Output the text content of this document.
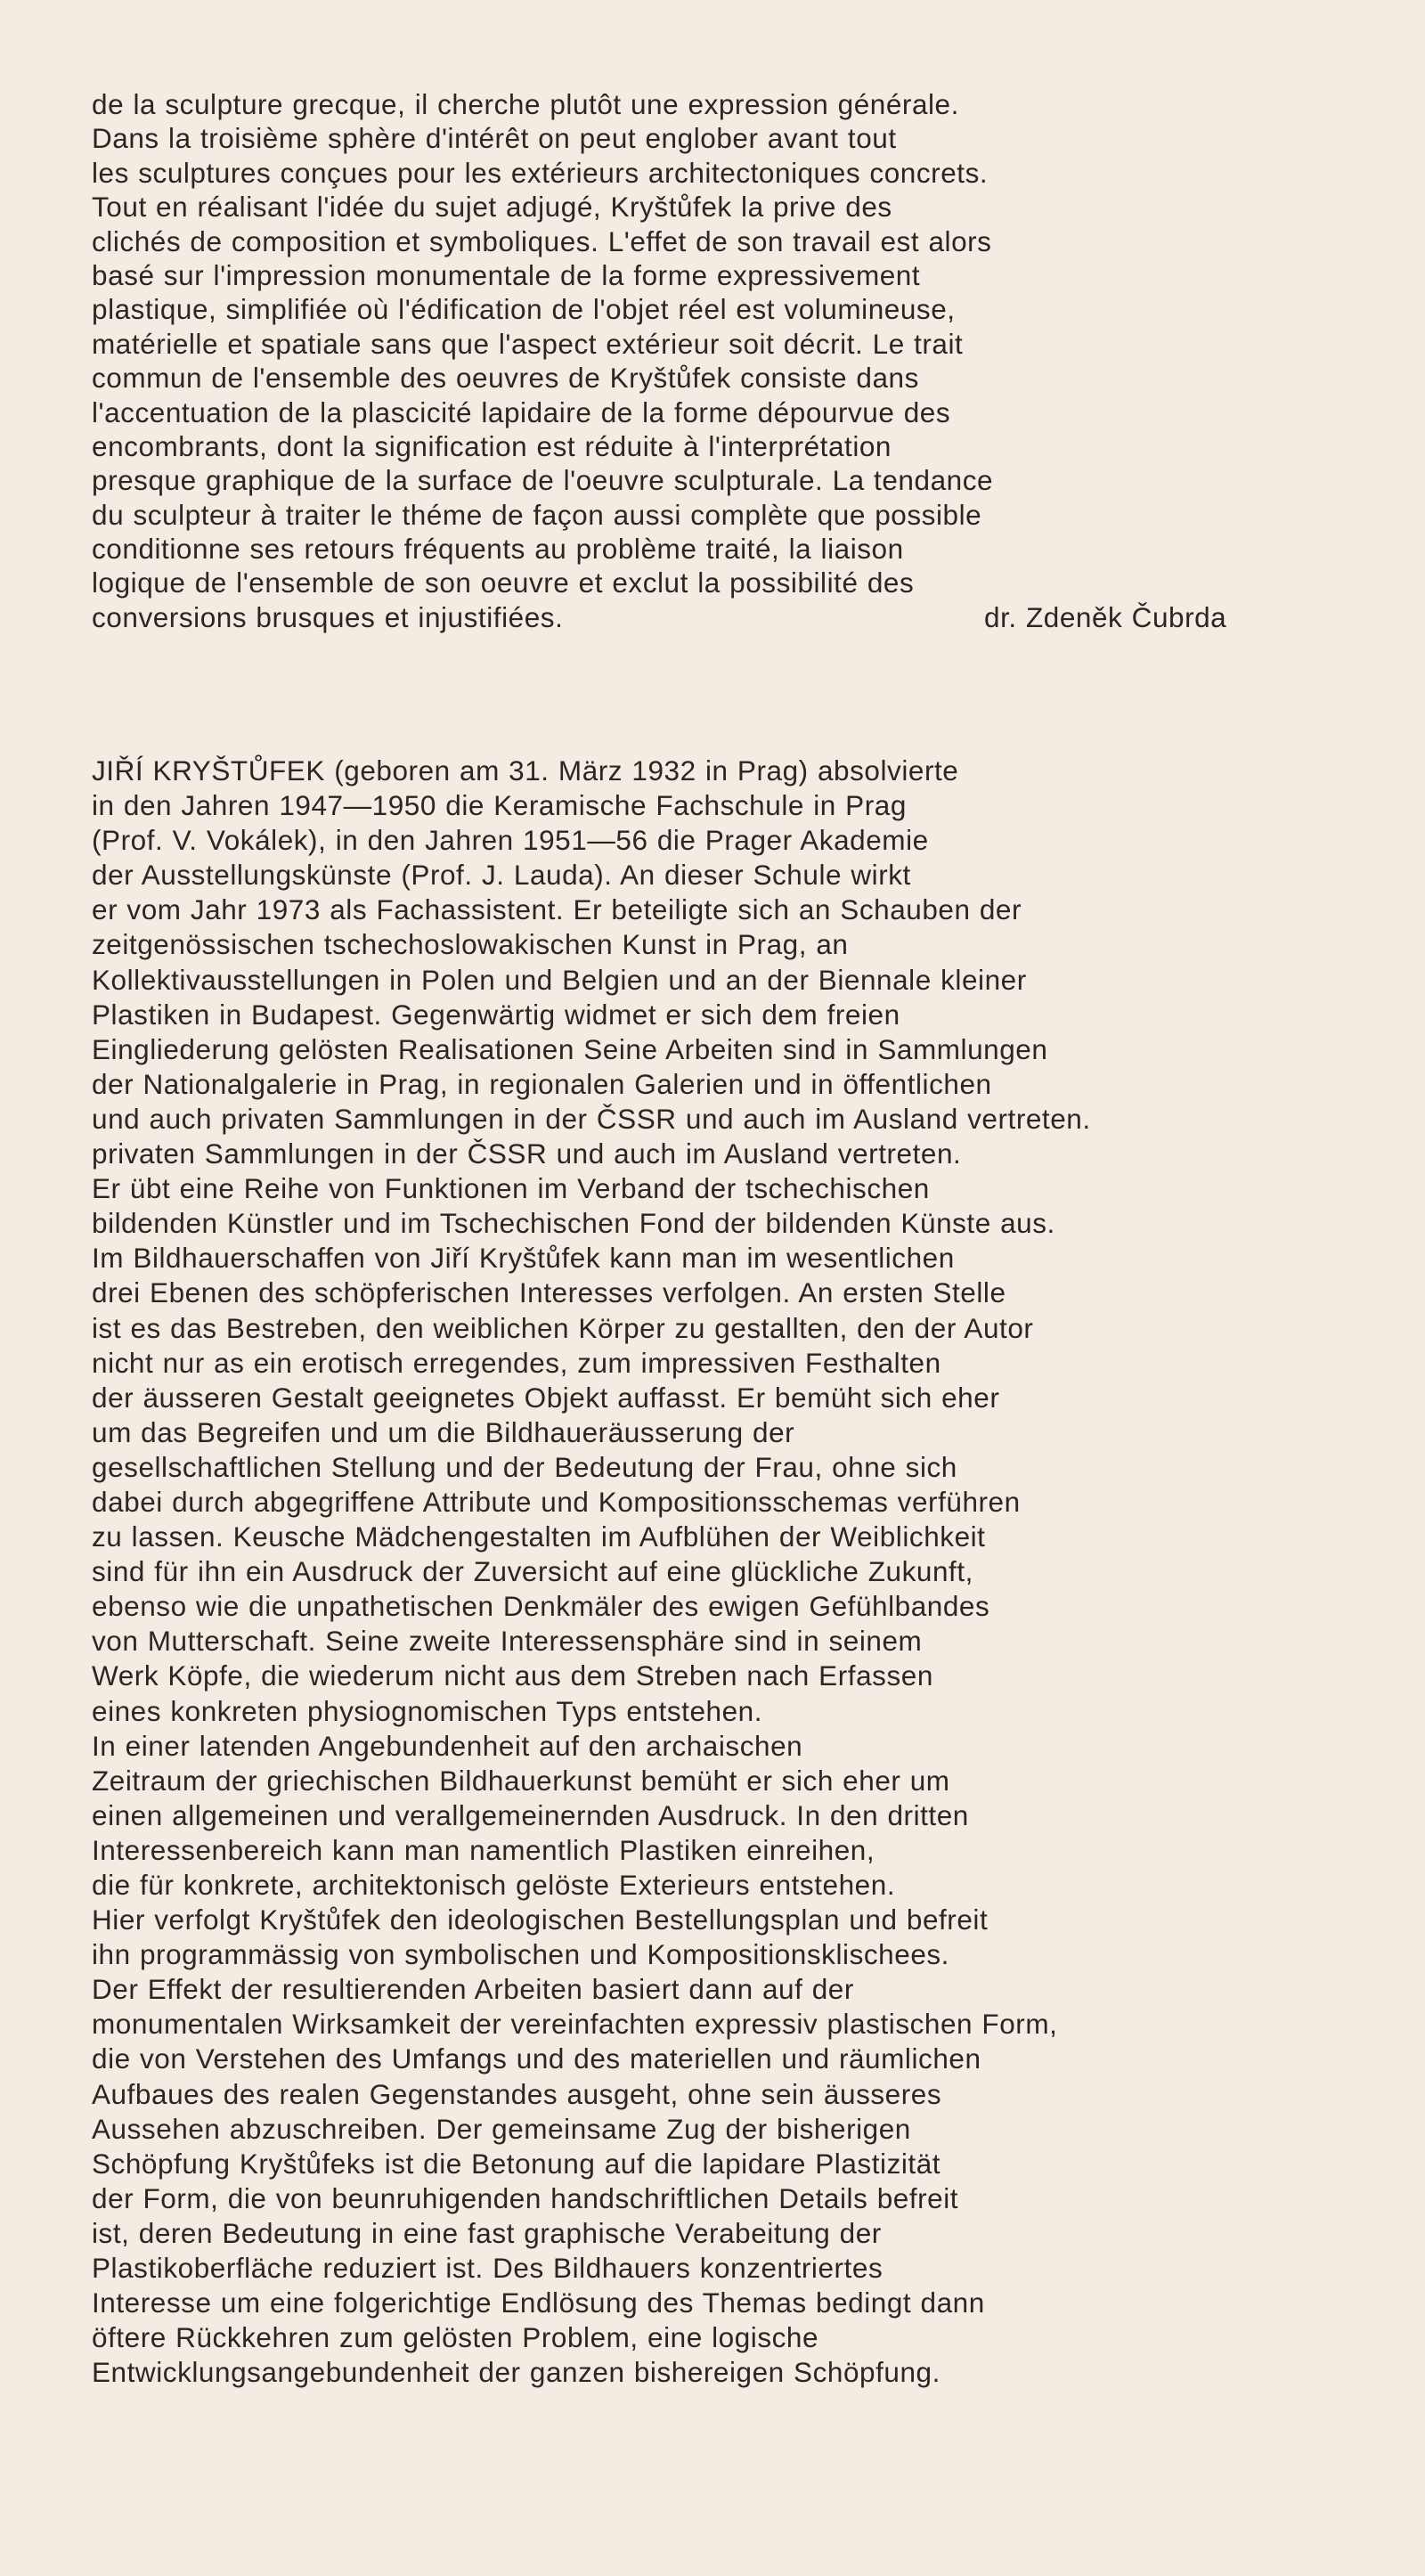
de la sculpture grecque, il cherche plutôt une expression générale.
Dans la troisième sphère d'intérêt on peut englober avant tout
les sculptures conçues pour les extérieurs architectoniques concrets.
Tout en réalisant l'idée du sujet adjugé, Kryštůfek la prive des
clichés de composition et symboliques. L'effet de son travail est alors
basé sur l'impression monumentale de la forme expressivement
plastique, simplifiée où l'édification de l'objet réel est volumineuse,
matérielle et spatiale sans que l'aspect extérieur soit décrit. Le trait
commun de l'ensemble des oeuvres de Kryštůfek consiste dans
l'accentuation de la plascicité lapidaire de la forme dépourvue des
encombrants, dont la signification est réduite à l'interprétation
presque graphique de la surface de l'oeuvre sculpturale. La tendance
du sculpteur à traiter le théme de façon aussi complète que possible
conditionne ses retours fréquents au problème traité, la liaison
logique de l'ensemble de son oeuvre et exclut la possibilité des
conversions brusques et injustifiées.	dr. Zdeněk Čubrda
JIŘÍ KRYŠTŮFEK (geboren am 31. März 1932 in Prag) absolvierte
in den Jahren 1947—1950 die Keramische Fachschule in Prag
(Prof. V. Vokálek), in den Jahren 1951—56 die Prager Akademie
der Ausstellungskünste (Prof. J. Lauda). An dieser Schule wirkt
er vom Jahr 1973 als Fachassistent. Er beteiligte sich an Schauben der
zeitgenössischen tschechoslowakischen Kunst in Prag, an
Kollektivausstellungen in Polen und Belgien und an der Biennale kleiner
Plastiken in Budapest. Gegenwärtig widmet er sich dem freien
Eingliederung gelösten Realisationen Seine Arbeiten sind in Sammlungen
der Nationalgalerie in Prag, in regionalen Galerien und in öffentlichen
und auch privaten Sammlungen in der ČSSR und auch im Ausland vertreten.
privaten Sammlungen in der ČSSR und auch im Ausland vertreten.
Er übt eine Reihe von Funktionen im Verband der tschechischen
bildenden Künstler und im Tschechischen Fond der bildenden Künste aus.
Im Bildhauerschaffen von Jiří Kryštůfek kann man im wesentlichen
drei Ebenen des schöpferischen Interesses verfolgen. An ersten Stelle
ist es das Bestreben, den weiblichen Körper zu gestallten, den der Autor
nicht nur as ein erotisch erregendes, zum impressiven Festhalten
der äusseren Gestalt geeignetes Objekt auffasst. Er bemüht sich eher
um das Begreifen und um die Bildhaueräusserung der
gesellschaftlichen Stellung und der Bedeutung der Frau, ohne sich
dabei durch abgegriffene Attribute und Kompositionsschemas verführen
zu lassen. Keusche Mädchengestalten im Aufblühen der Weiblichkeit
sind für ihn ein Ausdruck der Zuversicht auf eine glückliche Zukunft,
ebenso wie die unpathetischen Denkmäler des ewigen Gefühlbandes
von Mutterschaft. Seine zweite Interessensphäre sind in seinem
Werk Köpfe, die wiederum nicht aus dem Streben nach Erfassen
eines konkreten physiognomischen Typs entstehen.
In einer latenden Angebundenheit auf den archaischen
Zeitraum der griechischen Bildhauerkunst bemüht er sich eher um
einen allgemeinen und verallgemeinernden Ausdruck. In den dritten
Interessenbereich kann man namentlich Plastiken einreihen,
die für konkrete, architektonisch gelöste Exterieurs entstehen.
Hier verfolgt Kryštůfek den ideologischen Bestellungsplan und befreit
ihn programmässig von symbolischen und Kompositionsklischees.
Der Effekt der resultierenden Arbeiten basiert dann auf der
monumentalen Wirksamkeit der vereinfachten expressiv plastischen Form,
die von Verstehen des Umfangs und des materiellen und räumlichen
Aufbaues des realen Gegenstandes ausgeht, ohne sein äusseres
Aussehen abzuschreiben. Der gemeinsame Zug der bisherigen
Schöpfung Kryštůfeks ist die Betonung auf die lapidare Plastizität
der Form, die von beunruhigenden handschriftlichen Details befreit
ist, deren Bedeutung in eine fast graphische Verabeitung der
Plastikoberfläche reduziert ist. Des Bildhauers konzentriertes
Interesse um eine folgerichtige Endlösung des Themas bedingt dann
öftere Rückkehren zum gelösten Problem, eine logische
Entwicklungsangebundenheit der ganzen bishereigen Schöpfung.
